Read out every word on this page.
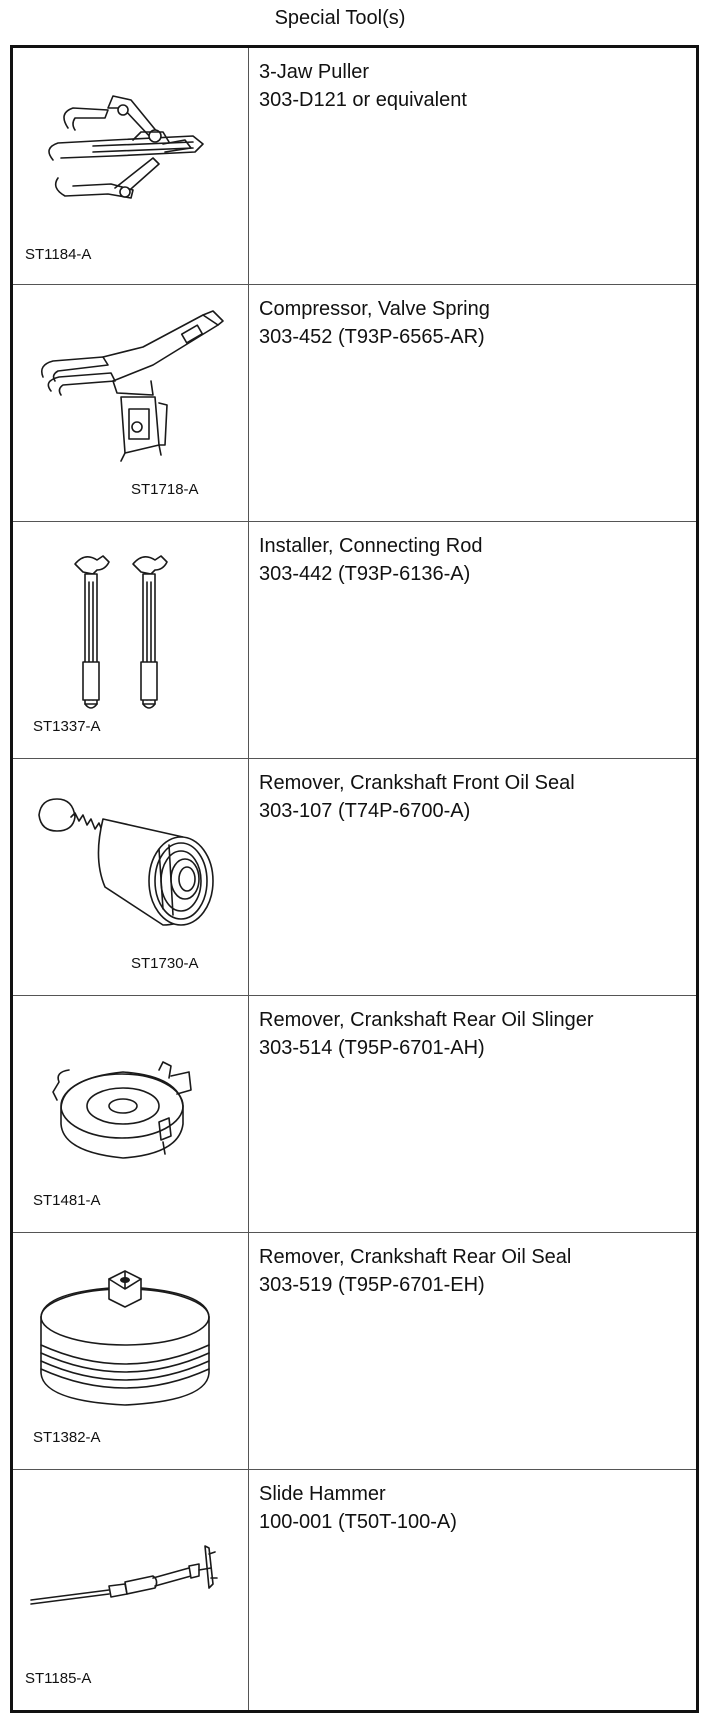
Special Tool(s)
ST1184-A
3-Jaw Puller
303-D121 or equivalent
ST1718-A
Compressor, Valve Spring
303-452 (T93P-6565-AR)
ST1337-A
Installer, Connecting Rod
303-442 (T93P-6136-A)
ST1730-A
Remover, Crankshaft Front Oil Seal
303-107 (T74P-6700-A)
ST1481-A
Remover, Crankshaft Rear Oil Slinger
303-514 (T95P-6701-AH)
ST1382-A
Remover, Crankshaft Rear Oil Seal
303-519 (T95P-6701-EH)
ST1185-A
Slide Hammer
100-001 (T50T-100-A)
